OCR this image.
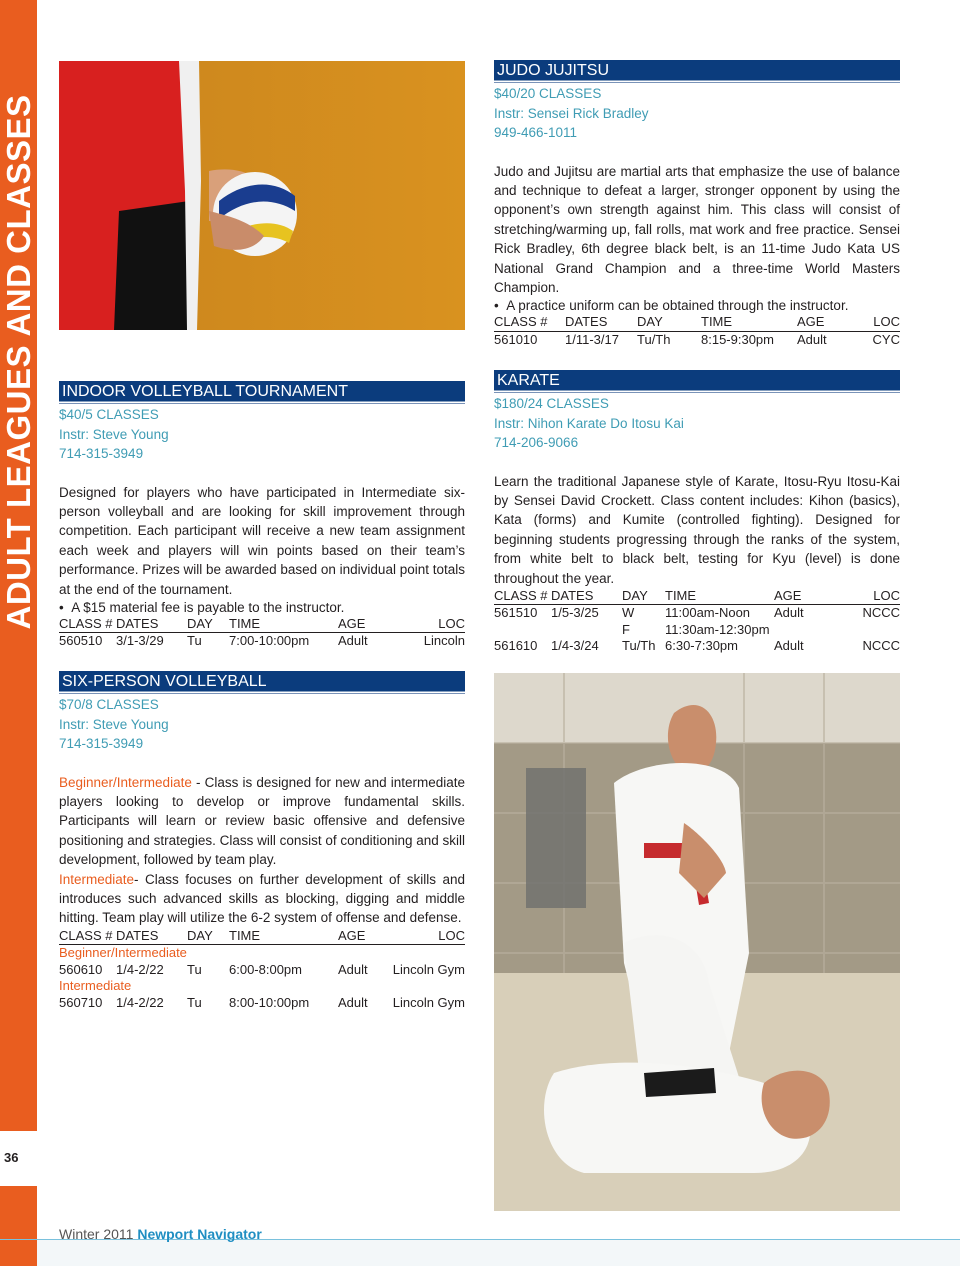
ADULT LEAGUES AND CLASSES
36
JUDO JUJITSU
$40/20 CLASSES
Instr: Sensei Rick Bradley
949-466-1011
Judo and Jujitsu are martial arts that emphasize the use of balance and technique to defeat a larger, stronger opponent by using the opponent’s own strength against him. This class will consist of stretching/warming up, fall rolls, mat work and free practice. Sensei Rick Bradley, 6th degree black belt, is an 11-time Judo Kata US National Grand Champion and a three-time World Masters Champion.
•  A practice uniform can be obtained through the instructor.
CLASS #	DATES	DAY	TIME	AGE	LOC
561010	1/11-3/17	Tu/Th	8:15-9:30pm	Adult	CYC
KARATE
$180/24 CLASSES
Instr: Nihon Karate Do Itosu Kai
714-206-9066
Learn the traditional Japanese style of Karate, Itosu-Ryu Itosu-Kai by Sensei David Crockett. Class content includes: Kihon (basics), Kata (forms) and Kumite (controlled fighting). Designed for beginning students progressing through the ranks of the system, from white belt to black belt, testing for Kyu (level) is done throughout the year.
CLASS #	DATES	DAY	TIME	AGE	LOC
561510	1/5-3/25	W	11:00am-Noon	Adult	NCCC
		F	11:30am-12:30pm		
561610	1/4-3/24	Tu/Th	6:30-7:30pm	Adult	NCCC
INDOOR VOLLEYBALL TOURNAMENT
$40/5 CLASSES
Instr: Steve Young
714-315-3949
Designed for players who have participated in Intermediate six-person volleyball and are looking for skill improvement through competition. Each participant will receive a new team assignment each week and players will win points based on their team’s performance. Prizes will be awarded based on individual point totals at the end of the tournament.
•  A $15 material fee is payable to the instructor.
CLASS #	DATES	DAY	TIME	AGE	LOC
560510	3/1-3/29	Tu	7:00-10:00pm	Adult	Lincoln
SIX-PERSON VOLLEYBALL
$70/8 CLASSES
Instr: Steve Young
714-315-3949
Beginner/Intermediate - Class is designed for new and intermediate players looking to develop or improve fundamental skills. Participants will learn or review basic offensive and defensive positioning and strategies. Class will consist of conditioning and skill development, followed by team play.
Intermediate- Class focuses on further development of skills and introduces such advanced skills as blocking, digging and middle hitting. Team play will utilize the 6-2 system of offense and defense.
CLASS #	DATES	DAY	TIME	AGE	LOC
Beginner/Intermediate					
560610	1/4-2/22	Tu	6:00-8:00pm	Adult	Lincoln Gym
Intermediate					
560710	1/4-2/22	Tu	8:00-10:00pm	Adult	Lincoln Gym
Winter 2011 Newport Navigator
